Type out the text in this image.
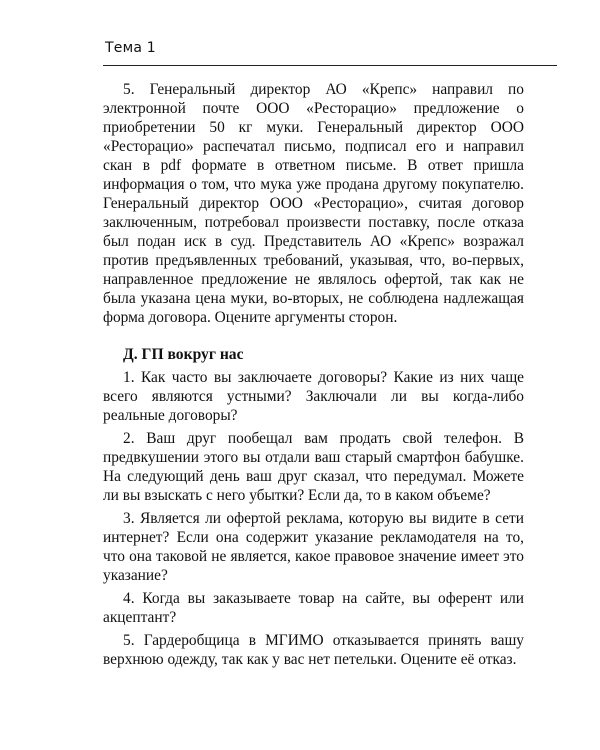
Тема 1

5. Генеральный директор АО «Крепс» направил по электронной почте ООО «Ресторацио» предложение о приобретении 50 кг муки. Генеральный директор ООО «Ресторацио» распечатал письмо, подписал его и направил скан в pdf формате в ответном письме. В ответ пришла информация о том, что мука уже продана другому покупателю. Генеральный директор ООО «Ресторацио», считая договор заключенным, потребовал произвести поставку, после отказа был подан иск в суд. Представитель АО «Крепс» возражал против предъявленных требований, указывая, что, во-первых, направленное предложение не являлось офертой, так как не была указана цена муки, во-вторых, не соблюдена надлежащая форма договора. Оцените аргументы сторон.

Д. ГП вокруг нас

1. Как часто вы заключаете договоры? Какие из них чаще всего являются устными? Заключали ли вы когда-либо реальные договоры?

2. Ваш друг пообещал вам продать свой телефон. В предвкушении этого вы отдали ваш старый смартфон бабушке. На следующий день ваш друг сказал, что передумал. Можете ли вы взыскать с него убытки? Если да, то в каком объеме?

3. Является ли офертой реклама, которую вы видите в сети интернет? Если она содержит указание рекламодателя на то, что она таковой не является, какое правовое значение имеет это указание?

4. Когда вы заказываете товар на сайте, вы оферент или акцептант?

5. Гардеробщица в МГИМО отказывается принять вашу верхнюю одежду, так как у вас нет петельки. Оцените её отказ.
